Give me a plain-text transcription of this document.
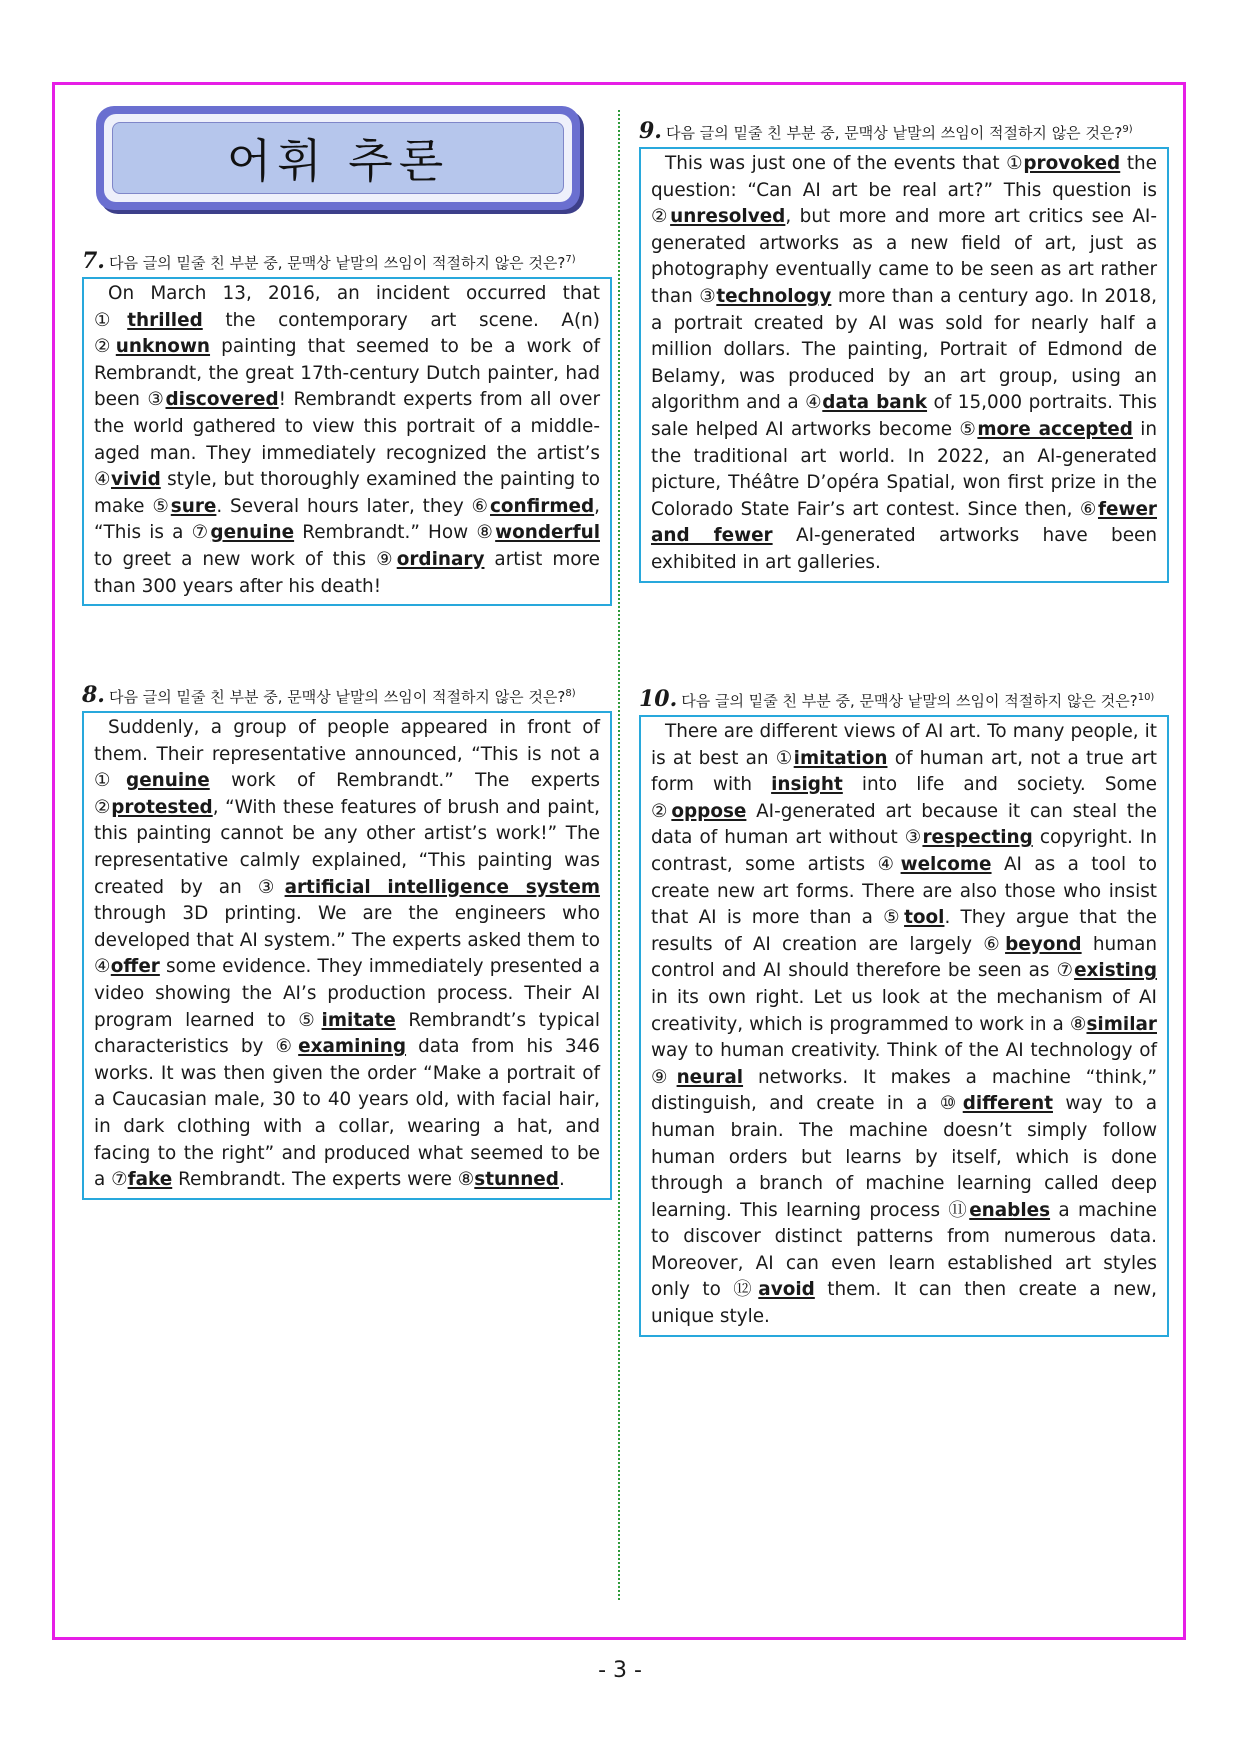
어휘 추론
7. 다음 글의 밑줄 친 부분 중, 문맥상 낱말의 쓰임이 적절하지 않은 것은?$^{7)}$
On March 13, 2016, an incident occurred that ①thrilled the contemporary art scene. A(n) ②unknown painting that seemed to be a work of Rembrandt, the great 17th-century Dutch painter, had been ③discovered! Rembrandt experts from all over the world gathered to view this portrait of a middle-aged man. They immediately recognized the artist’s ④vivid style, but thoroughly examined the painting to make ⑤sure. Several hours later, they ⑥confirmed, “This is a ⑦genuine Rembrandt.” How ⑧wonderful to greet a new work of this ⑨ordinary artist more than 300 years after his death!
8. 다음 글의 밑줄 친 부분 중, 문맥상 낱말의 쓰임이 적절하지 않은 것은?$^{8)}$
Suddenly, a group of people appeared in front of them. Their representative announced, “This is not a ①genuine work of Rembrandt.” The experts ②protested, “With these features of brush and paint, this painting cannot be any other artist’s work!” The representative calmly explained, “This painting was created by an ③artificial intelligence system through 3D printing. We are the engineers who developed that AI system.” The experts asked them to ④offer some evidence. They immediately presented a video showing the AI’s production process. Their AI program learned to ⑤imitate Rembrandt’s typical characteristics by ⑥examining data from his 346 works. It was then given the order “Make a portrait of a Caucasian male, 30 to 40 years old, with facial hair, in dark clothing with a collar, wearing a hat, and facing to the right” and produced what seemed to be a ⑦fake Rembrandt. The experts were ⑧stunned.
9. 다음 글의 밑줄 친 부분 중, 문맥상 낱말의 쓰임이 적절하지 않은 것은?$^{9)}$
This was just one of the events that ①provoked the question: “Can AI art be real art?” This question is ②unresolved, but more and more art critics see AI-generated artworks as a new field of art, just as photography eventually came to be seen as art rather than ③technology more than a century ago. In 2018, a portrait created by AI was sold for nearly half a million dollars. The painting, Portrait of Edmond de Belamy, was produced by an art group, using an algorithm and a ④data bank of 15,000 portraits. This sale helped AI artworks become ⑤more accepted in the traditional art world. In 2022, an AI-generated picture, Théâtre D’opéra Spatial, won first prize in the Colorado State Fair’s art contest. Since then, ⑥fewer and fewer AI-generated artworks have been exhibited in art galleries.
10. 다음 글의 밑줄 친 부분 중, 문맥상 낱말의 쓰임이 적절하지 않은 것은?$^{10)}$
There are different views of AI art. To many people, it is at best an ①imitation of human art, not a true art form with insight into life and society. Some ②oppose AI-generated art because it can steal the data of human art without ③respecting copyright. In contrast, some artists ④welcome AI as a tool to create new art forms. There are also those who insist that AI is more than a ⑤tool. They argue that the results of AI creation are largely ⑥beyond human control and AI should therefore be seen as ⑦existing in its own right. Let us look at the mechanism of AI creativity, which is programmed to work in a ⑧similar way to human creativity. Think of the AI technology of ⑨neural networks. It makes a machine “think,” distinguish, and create in a ⑩different way to a human brain. The machine doesn’t simply follow human orders but learns by itself, which is done through a branch of machine learning called deep learning. This learning process ⑪enables a machine to discover distinct patterns from numerous data. Moreover, AI can even learn established art styles only to ⑫avoid them. It can then create a new, unique style.
- 3 -
